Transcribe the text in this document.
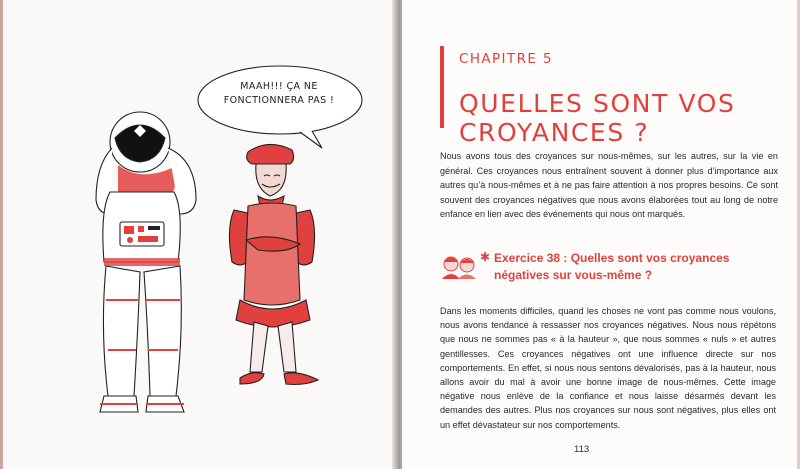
MAAH!!! ÇA NE FONCTIONNERA PAS !
CHAPITRE 5
QUELLES SONT VOS CROYANCES ?

Nous avons tous des croyances sur nous-mêmes, sur les autres, sur la vie en général. Ces croyances nous entraînent souvent à donner plus d’importance aux autres qu’à nous-mêmes et à ne pas faire attention à nos propres besoins. Ce sont souvent des croyances négatives que nous avons élaborées tout au long de notre enfance en lien avec des événements qui nous ont marqués.

✱ Exercice 38 : Quelles sont vos croyances négatives sur vous-même ?

Dans les moments difficiles, quand les choses ne vont pas comme nous voulons, nous avons tendance à ressasser nos croyances négatives. Nous nous répétons que nous ne sommes pas « à la hauteur », que nous sommes « nuls » et autres gentillesses. Ces croyances négatives ont une influence directe sur nos comportements. En effet, si nous nous sentons dévalorisés, pas à la hauteur, nous allons avoir du mal à avoir une bonne image de nous-mêmes. Cette image négative nous enlève de la confiance et nous laisse désarmés devant les demandes des autres. Plus nos croyances sur nous sont négatives, plus elles ont un effet dévastateur sur nos comportements.

113
